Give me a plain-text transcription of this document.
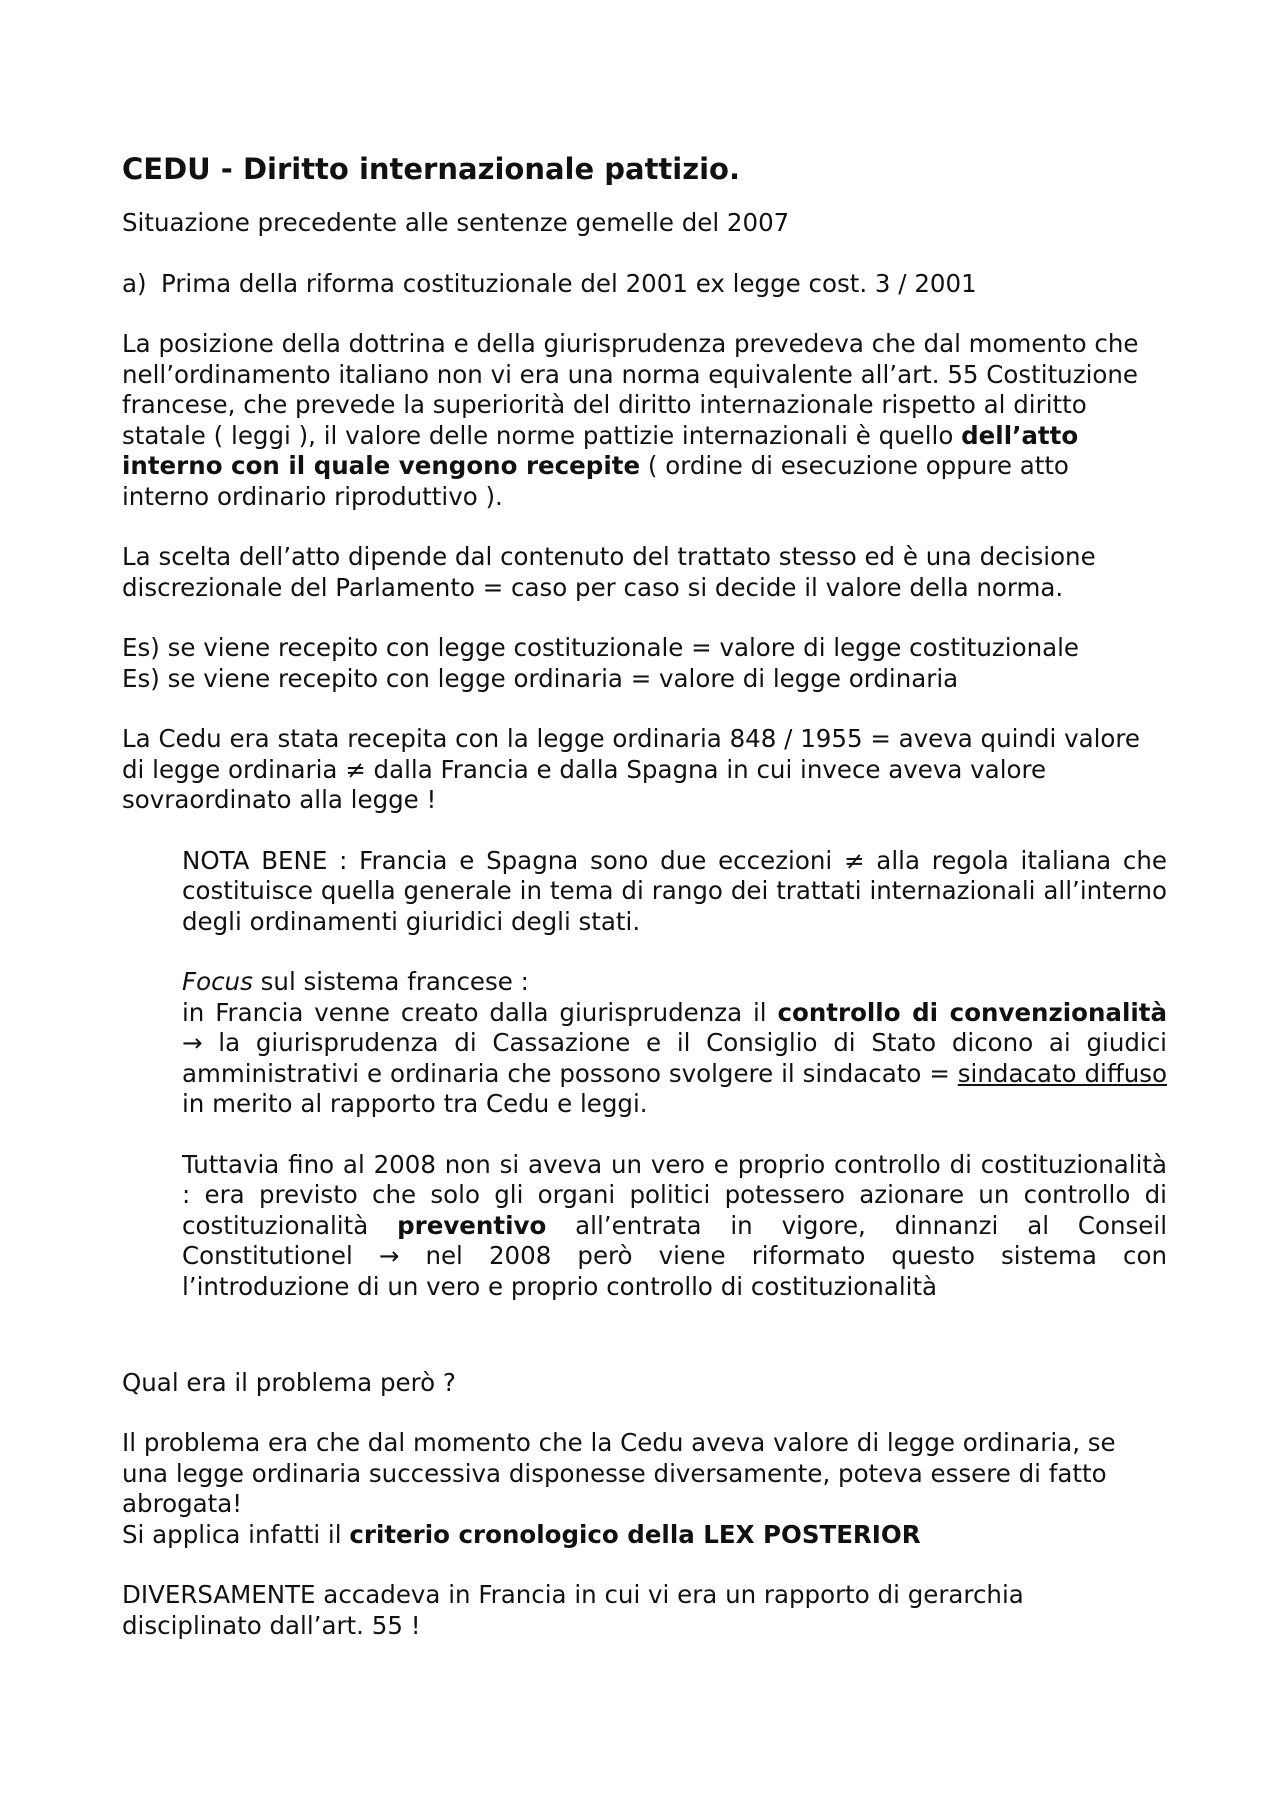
CEDU - Diritto internazionale pattizio.

Situazione precedente alle sentenze gemelle del 2007

a) Prima della riforma costituzionale del 2001 ex legge cost. 3 / 2001

La posizione della dottrina e della giurisprudenza prevedeva che dal momento che nell’ordinamento italiano non vi era una norma equivalente all’art. 55 Costituzione francese, che prevede la superiorità del diritto internazionale rispetto al diritto statale ( leggi ), il valore delle norme pattizie internazionali è quello dell’atto interno con il quale vengono recepite ( ordine di esecuzione oppure atto interno ordinario riproduttivo ).

La scelta dell’atto dipende dal contenuto del trattato stesso ed è una decisione discrezionale del Parlamento = caso per caso si decide il valore della norma.

Es) se viene recepito con legge costituzionale = valore di legge costituzionale

Es) se viene recepito con legge ordinaria = valore di legge ordinaria

La Cedu era stata recepita con la legge ordinaria 848 / 1955 = aveva quindi valore di legge ordinaria ≠ dalla Francia e dalla Spagna in cui invece aveva valore sovraordinato alla legge !

NOTA BENE : Francia e Spagna sono due eccezioni ≠ alla regola italiana che costituisce quella generale in tema di rango dei trattati internazionali all’interno degli ordinamenti giuridici degli stati.

Focus sul sistema francese :

in Francia venne creato dalla giurisprudenza il controllo di convenzionalità → la giurisprudenza di Cassazione e il Consiglio di Stato dicono ai giudici amministrativi e ordinaria che possono svolgere il sindacato = sindacato diffuso in merito al rapporto tra Cedu e leggi.

Tuttavia fino al 2008 non si aveva un vero e proprio controllo di costituzionalità : era previsto che solo gli organi politici potessero azionare un controllo di costituzionalità preventivo all’entrata in vigore, dinnanzi al Conseil Constitutionel → nel 2008 però viene riformato questo sistema con l’introduzione di un vero e proprio controllo di costituzionalità

Qual era il problema però ?

Il problema era che dal momento che la Cedu aveva valore di legge ordinaria, se una legge ordinaria successiva disponesse diversamente, poteva essere di fatto abrogata!

Si applica infatti il criterio cronologico della LEX POSTERIOR

DIVERSAMENTE accadeva in Francia in cui vi era un rapporto di gerarchia disciplinato dall’art. 55 !
